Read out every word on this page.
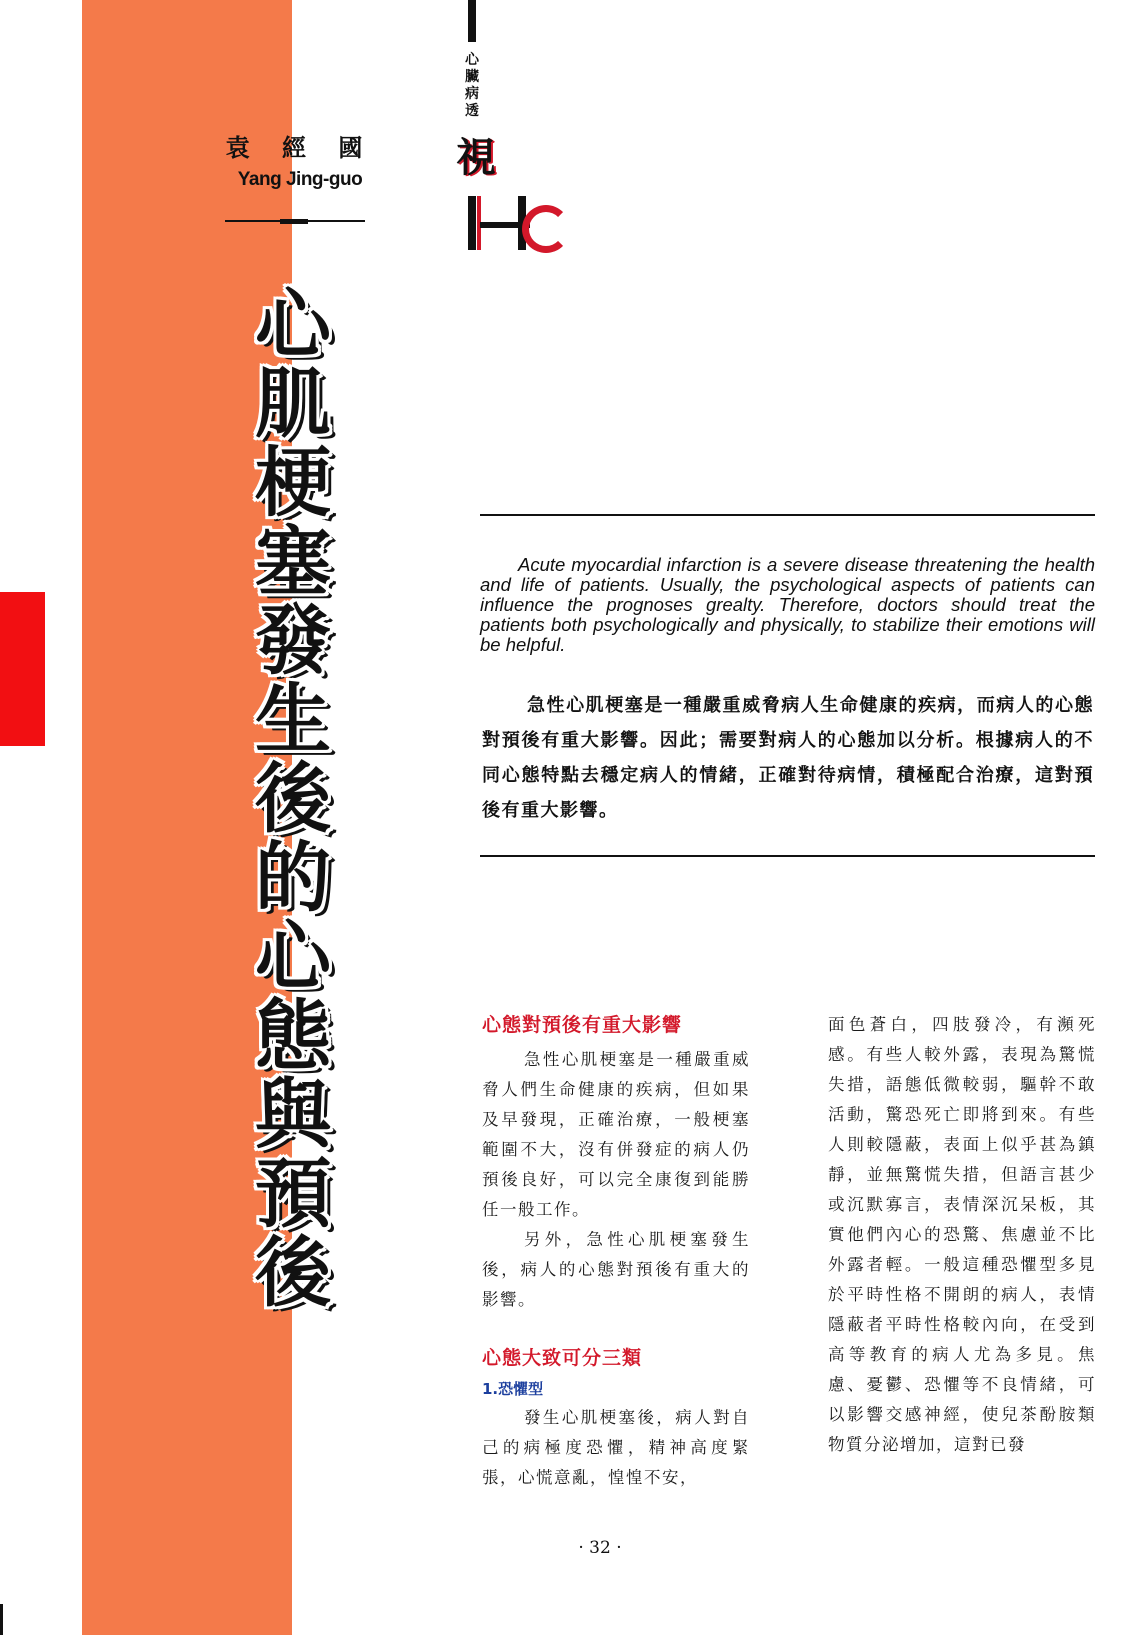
袁 經 國
Yang Jing-guo
心
肌
梗
塞
發
生
後
的
心
態
與
預
後
心
臟
病
透
視
Acute myocardial infarction is a severe disease threatening the health and life of patients. Usually, the psychological aspects of patients can influence the prognoses grealty. Therefore, doctors should treat the patients both psychologically and physically, to stabilize their emotions will be helpful.
急性心肌梗塞是一種嚴重威脅病人生命健康的疾病，而病人的心態對預後有重大影響。因此；需要對病人的心態加以分析。根據病人的不同心態特點去穩定病人的情緒，正確對待病情，積極配合治療，這對預後有重大影響。
心態對預後有重大影響

急性心肌梗塞是一種嚴重威脅人們生命健康的疾病，但如果及早發現，正確治療，一般梗塞範圍不大，沒有併發症的病人仍預後良好，可以完全康復到能勝任一般工作。

另外，急性心肌梗塞發生後，病人的心態對預後有重大的影響。

心態大致可分三類
1.恐懼型

發生心肌梗塞後，病人對自己的病極度恐懼，精神高度緊張，心慌意亂，惶惶不安，

面色蒼白，四肢發冷，有瀕死感。有些人較外露，表現為驚慌失措，語態低微較弱，驅幹不敢活動，驚恐死亡即將到來。有些人則較隱蔽，表面上似乎甚為鎮靜，並無驚慌失措，但語言甚少或沉默寡言，表情深沉呆板，其實他們內心的恐驚、焦慮並不比外露者輕。一般這種恐懼型多見於平時性格不開朗的病人，表情隱蔽者平時性格較內向，在受到高等教育的病人尤為多見。焦慮、憂鬱、恐懼等不良情緒，可以影響交感神經，使兒茶酚胺類物質分泌增加，這對已發

· 32 ·
